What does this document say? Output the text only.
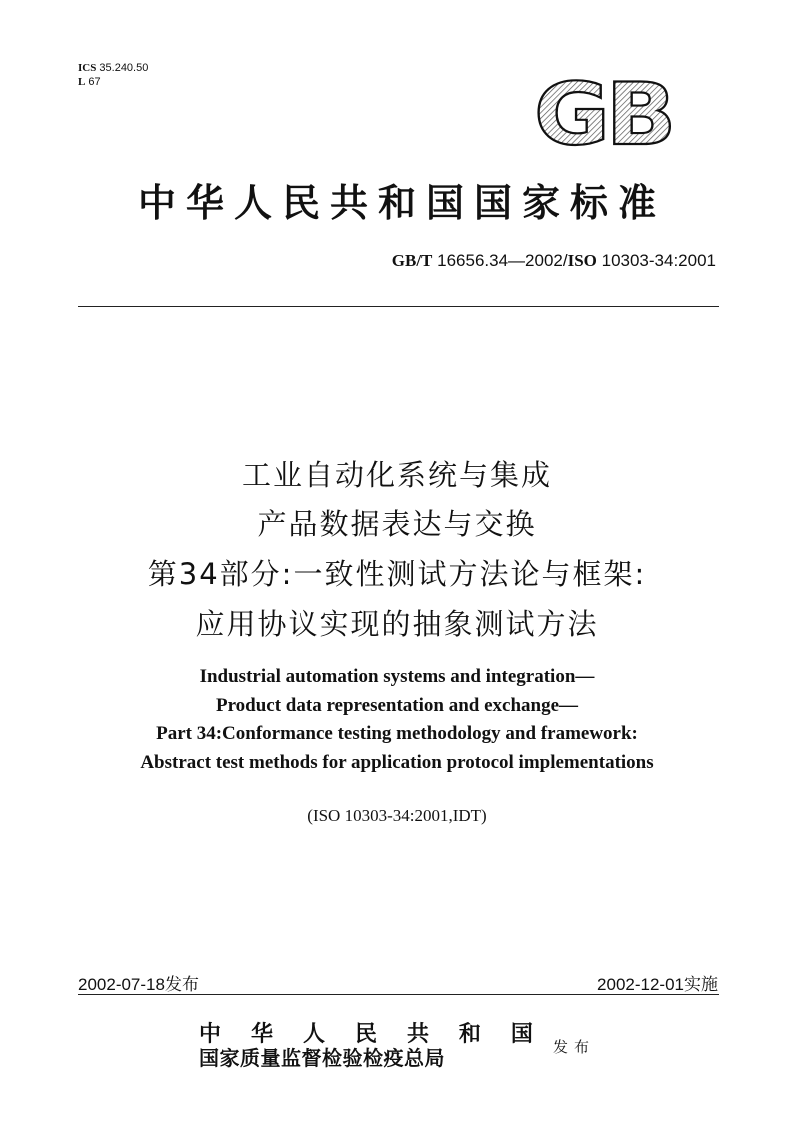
ICS 35.240.50
L 67	GB
中华人民共和国国家标准
GB/T 16656.34—2002/ISO 10303-34:2001
工业自动化系统与集成
产品数据表达与交换
第34部分:一致性测试方法论与框架:
应用协议实现的抽象测试方法
Industrial automation systems and integration—
Product data representation and exchange—
Part 34:Conformance testing methodology and framework:
Abstract test methods for application protocol implementations
(ISO 10303-34:2001,IDT)
2002-07-18发布	2002-12-01实施
中 华 人 民 共 和 国
国家质量监督检验检疫总局	发布
